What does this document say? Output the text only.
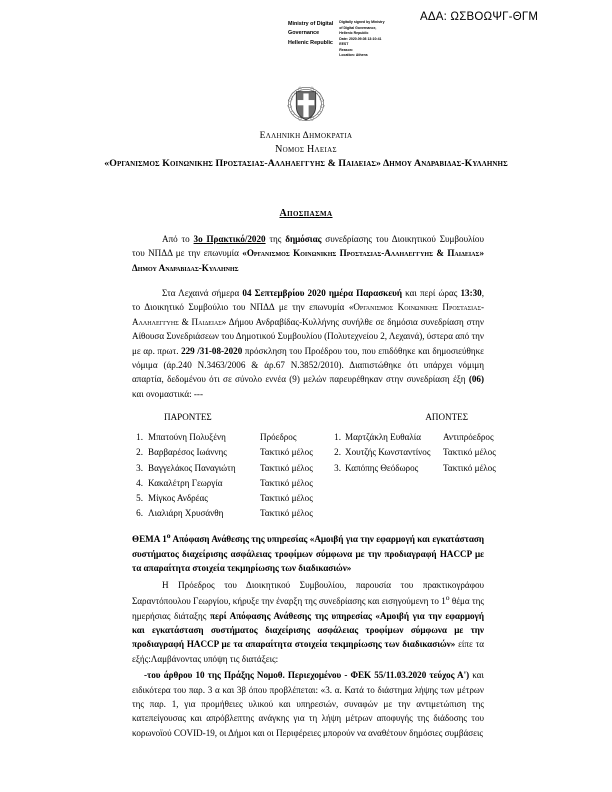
ΑΔΑ: ΩΣΒΟΩΨΓ-ΘΓΜ
Ministry of Digital
Governance
Hellenic Republic
Digitally signed by Ministry
of Digital Governance,
Hellenic Republic
Date: 2020.09.08 13:10:41
EEST
Reason:
Location: Athens
Ελληνικη Δημοκρατια
Νομος Ηλειας
«Οργανισμος Κοινωνικης Προστασιας-Αλληλεγγυης & Παιδειας» Δημου Ανδραβιδας-Κυλληνης
Αποσπασμα

Από το 3ο Πρακτικό/2020 της δημόσιας συνεδρίασης του Διοικητικού Συμβουλίου του ΝΠΔΔ με την επωνυμία «Οργανισμος Κοινωνικης Προστασιας-Αλληλεγγυης & Παιδειας» Δημου Ανδραβιδας-Κυλληνης

Στα Λεχαινά σήμερα 04 Σεπτεμβρίου 2020 ημέρα Παρασκευή και περί ώρας 13:30, το Διοικητικό Συμβούλιο του ΝΠΔΔ με την επωνυμία «Οργανισμος Κοινωνικης Προστασιας-Αλληλεγγυης & Παιδειας» Δήμου Ανδραβίδας-Κυλλήνης συνήλθε σε δημόσια συνεδρίαση στην Αίθουσα Συνεδριάσεων του Δημοτικού Συμβουλίου (Πολυτεχνείου 2, Λεχαινά), ύστερα από την με αρ. πρωτ. 229 /31-08-2020 πρόσκληση του Προέδρου του, που επιδόθηκε και δημοσιεύθηκε νόμιμα (άρ.240 Ν.3463/2006 & άρ.67 Ν.3852/2010). Διαπιστώθηκε ότι υπάρχει νόμιμη απαρτία, δεδομένου ότι σε σύνολο εννέα (9) μελών παρευρέθηκαν στην συνεδρίαση έξη (06) και ονομαστικά: ---

ΠΑΡΟΝΤΕΣ	ΑΠΟΝΤΕΣ
1. Μπατούνη Πολυξένη	Πρόεδρος	1. Μαρτζάκλη Ευθαλία	Αντιπρόεδρος
2. Βαρβαρέσος Ιωάννης	Τακτικό μέλος	2. Χουτζής Κωνσταντίνος	Τακτικό μέλος
3. Βαγγελάκος Παναγιώτη	Τακτικό μέλος	3. Καπόπης Θεόδωρος	Τακτικό μέλος
4. Κακαλέτρη Γεωργία	Τακτικό μέλος
5. Μίγκος Ανδρέας	Τακτικό μέλος
6. Λιαλιάρη Χρυσάνθη	Τακτικό μέλος
ΘΕΜΑ $1^o$ Απόφαση Ανάθεσης της υπηρεσίας «Αμοιβή για την εφαρμογή και εγκατάσταση συστήματος διαχείρισης ασφάλειας τροφίμων σύμφωνα με την προδιαγραφή HACCP με τα απαραίτητα στοιχεία τεκμηρίωσης των διαδικασιών»

Η Πρόεδρος του Διοικητικού Συμβουλίου, παρουσία του πρακτικογράφου Σαραντόπουλου Γεωργίου, κήρυξε την έναρξη της συνεδρίασης και εισηγούμενη το $1^o$ θέμα της ημερήσιας διάταξης περί Απόφασης Ανάθεσης της υπηρεσίας «Αμοιβή για την εφαρμογή και εγκατάσταση συστήματος διαχείρισης ασφάλειας τροφίμων σύμφωνα με την προδιαγραφή HACCP με τα απαραίτητα στοιχεία τεκμηρίωσης των διαδικασιών» είπε τα εξής:Λαμβάνοντας υπόψη τις διατάξεις:

-του άρθρου 10 της Πράξης Νομοθ. Περιεχομένου - ΦΕΚ 55/11.03.2020 τεύχος Α') και ειδικότερα του παρ. 3 α και 3β όπου προβλέπεται: «3. α. Κατά το διάστημα λήψης των μέτρων της παρ. 1, για προμήθειες υλικού και υπηρεσιών, συναφών με την αντιμετώπιση της κατεπείγουσας και απρόβλεπτης ανάγκης για τη λήψη μέτρων αποφυγής της διάδοσης του κορωνοϊού COVID-19, οι Δήμοι και οι Περιφέρειες μπορούν να αναθέτουν δημόσιες συμβάσεις
